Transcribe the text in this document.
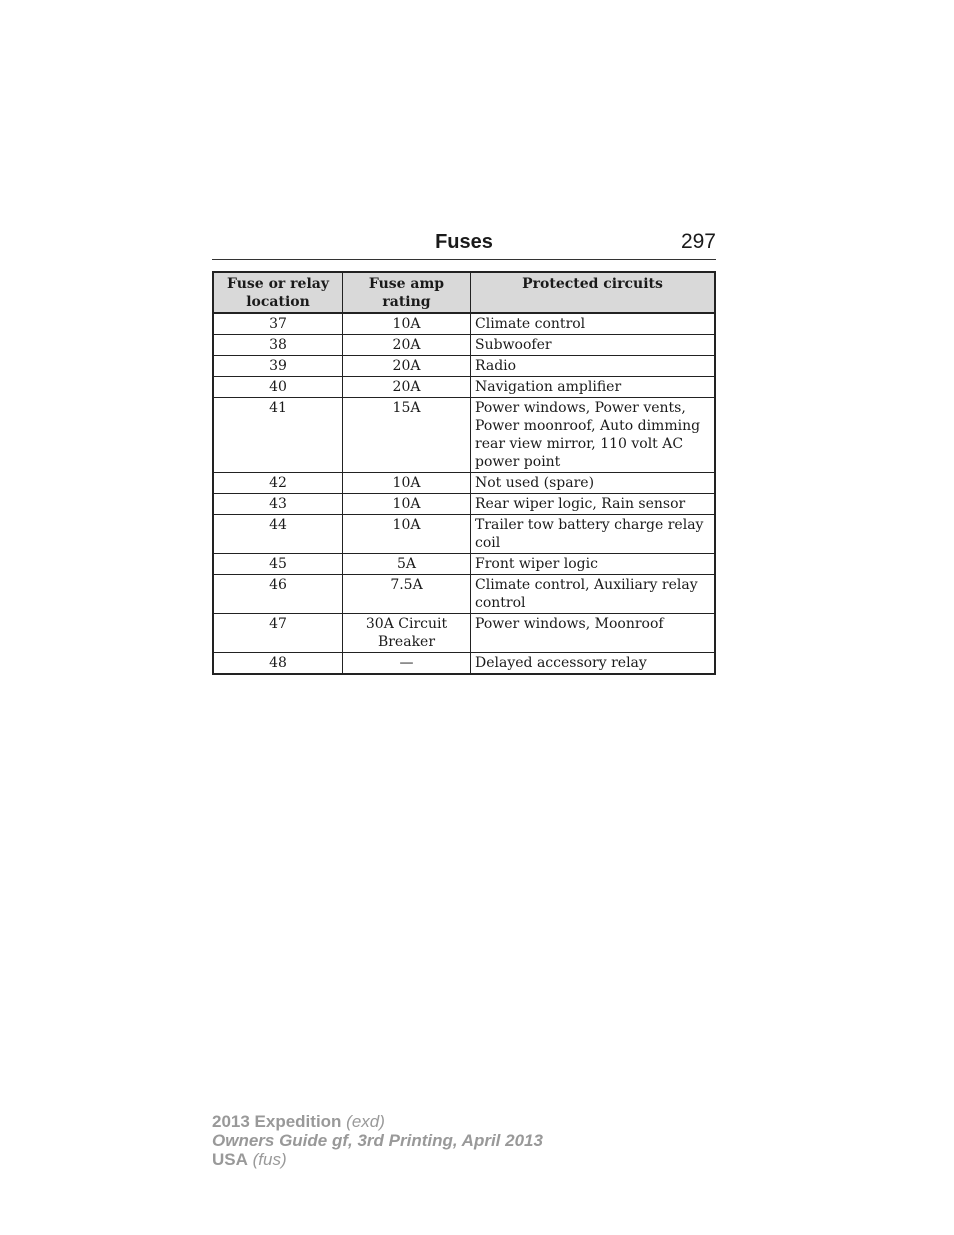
Fuses	297
Fuse or relay location	Fuse amp rating	Protected circuits
37	10A	Climate control
38	20A	Subwoofer
39	20A	Radio
40	20A	Navigation amplifier
41	15A	Power windows, Power vents, Power moonroof, Auto dimming rear view mirror, 110 volt AC power point
42	10A	Not used (spare)
43	10A	Rear wiper logic, Rain sensor
44	10A	Trailer tow battery charge relay coil
45	5A	Front wiper logic
46	7.5A	Climate control, Auxiliary relay control
47	30A Circuit Breaker	Power windows, Moonroof
48	—	Delayed accessory relay
2013 Expedition (exd)
Owners Guide gf, 3rd Printing, April 2013
USA (fus)
